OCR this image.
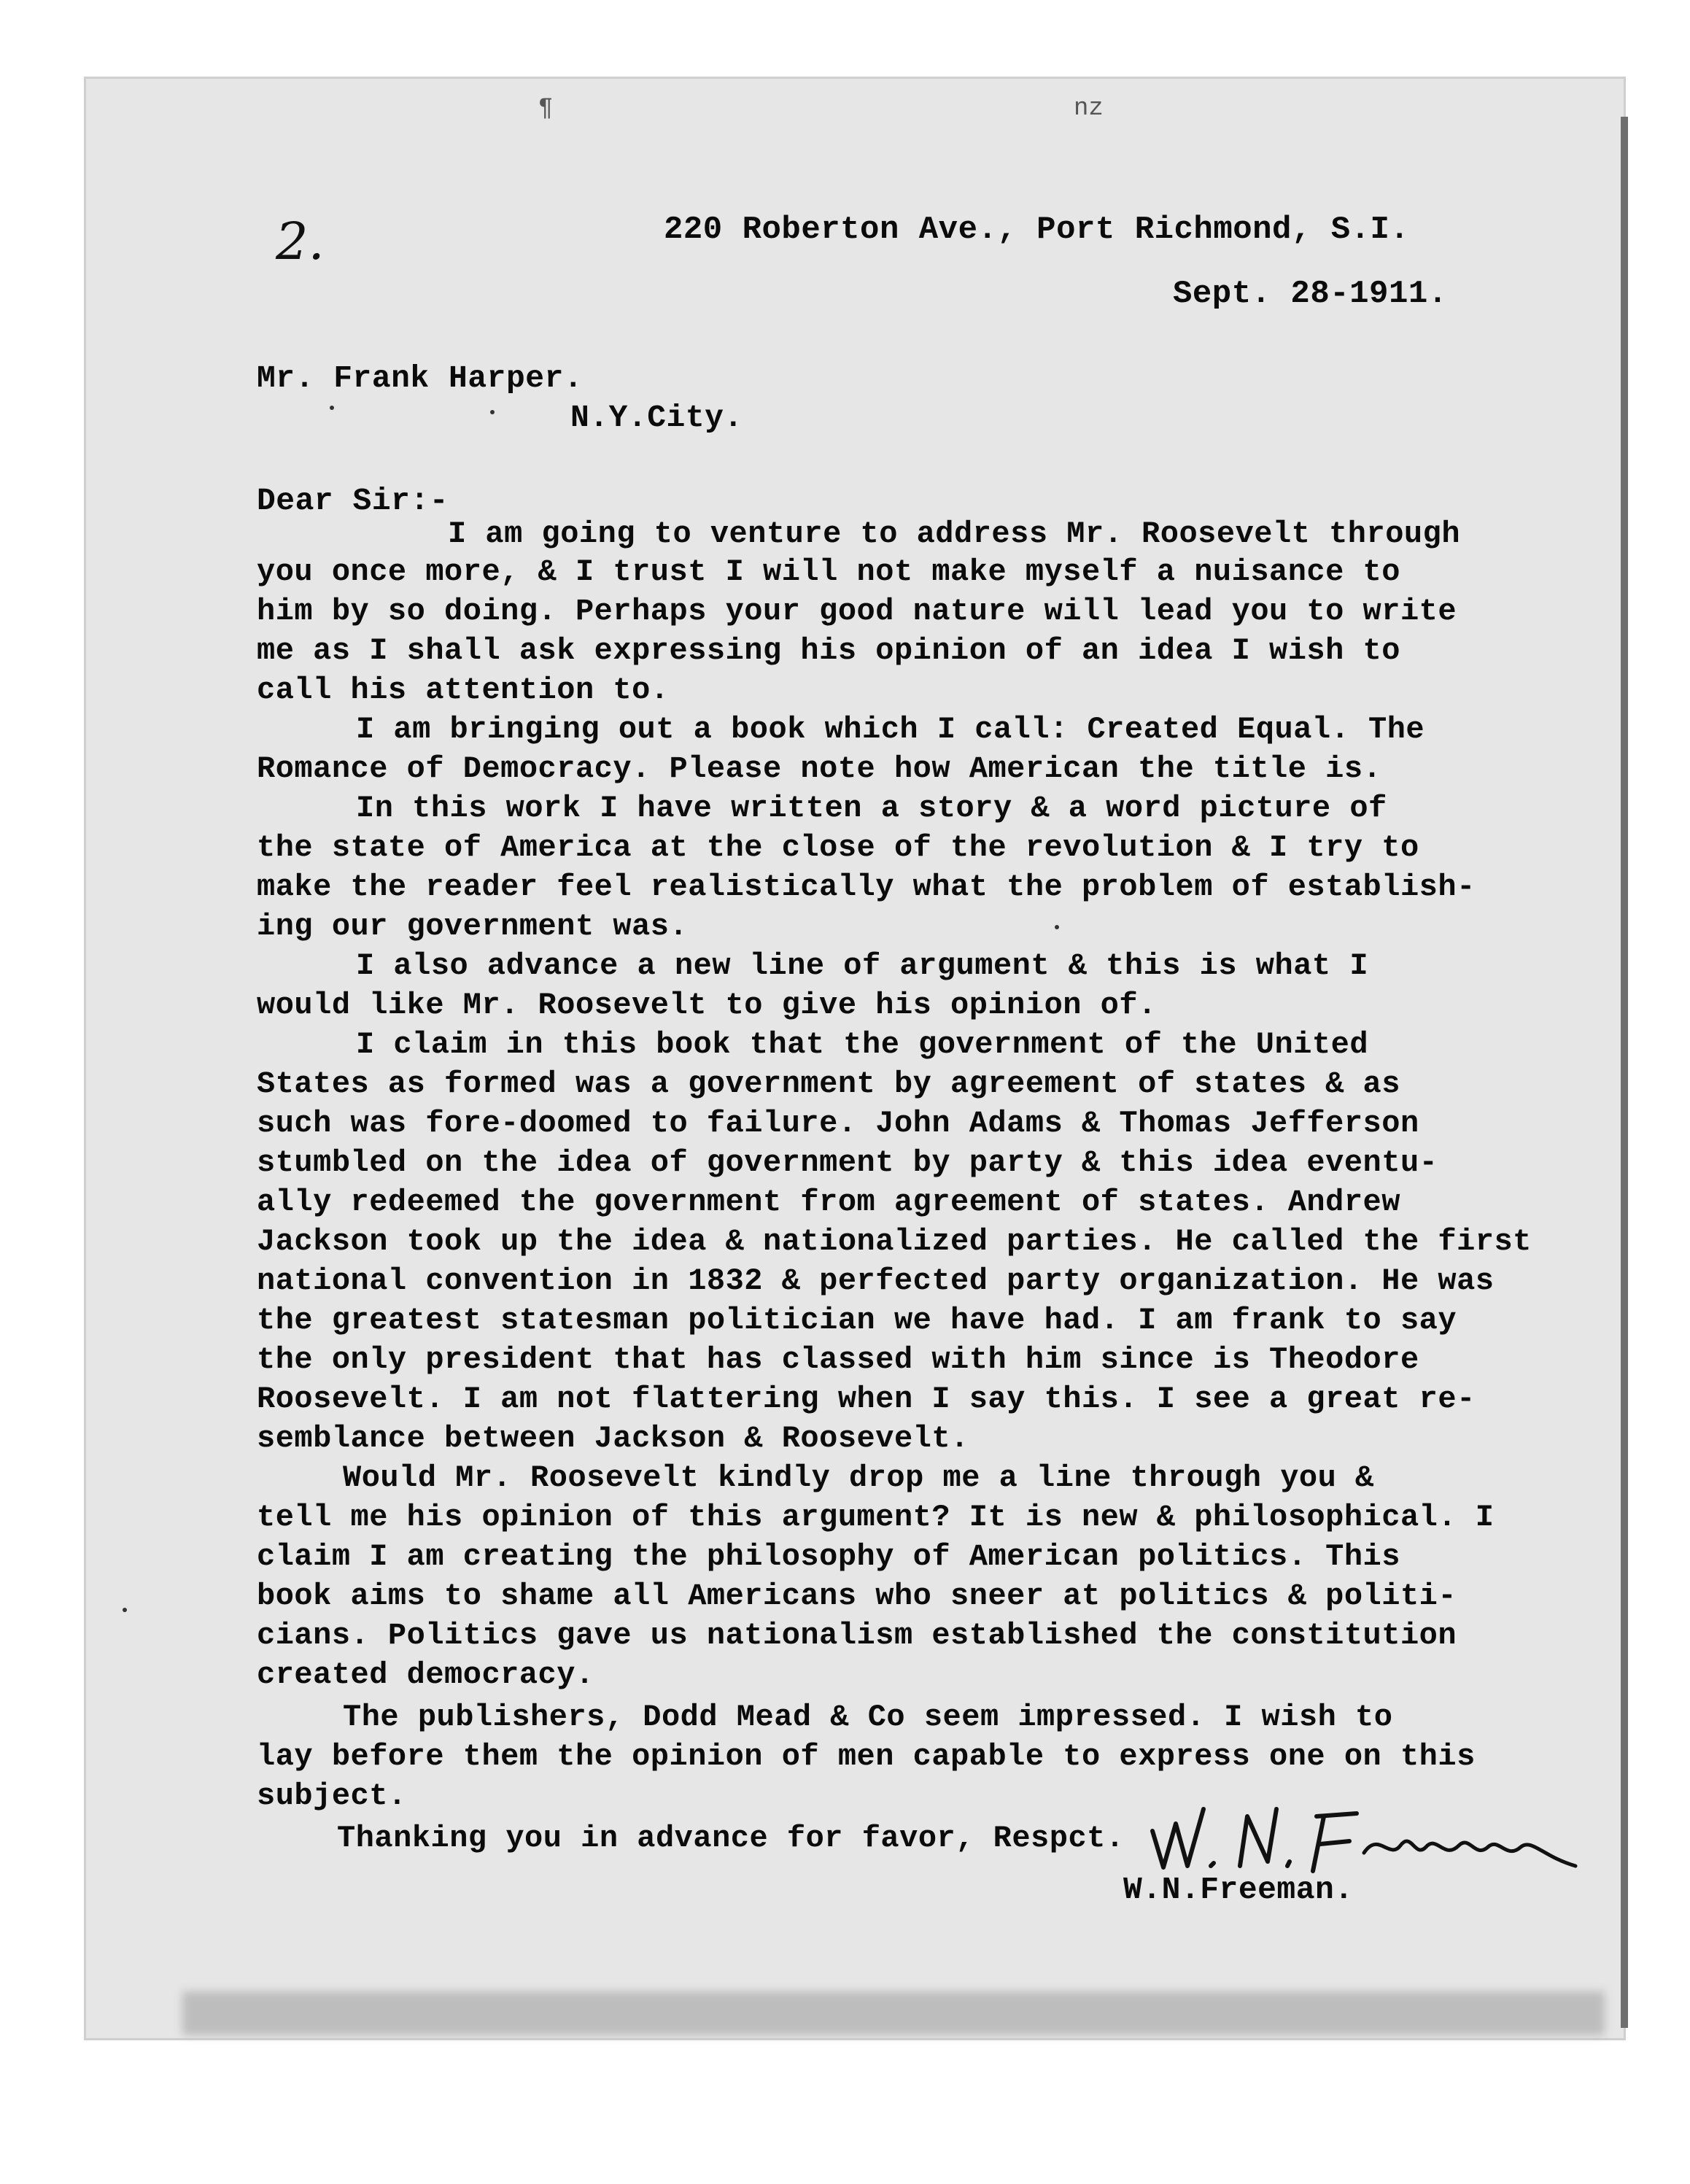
¶	nz
2.	220 Roberton Ave., Port Richmond, S.I.
Sept. 28-1911.
Mr. Frank Harper.
N.Y.City.
Dear Sir:-
I am going to venture to address Mr. Roosevelt through
you once more, & I trust I will not make myself a nuisance to
him by so doing. Perhaps your good nature will lead you to write
me as I shall ask expressing his opinion of an idea I wish to
call his attention to.
I am bringing out a book which I call: Created Equal. The
Romance of Democracy. Please note how American the title is.
In this work I have written a story & a word picture of
the state of America at the close of the revolution & I try to
make the reader feel realistically what the problem of establish-
ing our government was.
I also advance a new line of argument & this is what I
would like Mr. Roosevelt to give his opinion of.
I claim in this book that the government of the United
States as formed was a government by agreement of states & as
such was fore-doomed to failure. John Adams & Thomas Jefferson
stumbled on the idea of government by party & this idea eventu-
ally redeemed the government from agreement of states. Andrew
Jackson took up the idea & nationalized parties. He called the first
national convention in 1832 & perfected party organization. He was
the greatest statesman politician we have had. I am frank to say
the only president that has classed with him since is Theodore
Roosevelt. I am not flattering when I say this. I see a great re-
semblance between Jackson & Roosevelt.
Would Mr. Roosevelt kindly drop me a line through you &
tell me his opinion of this argument? It is new & philosophical. I
claim I am creating the philosophy of American politics. This
book aims to shame all Americans who sneer at politics & politi-
cians. Politics gave us nationalism established the constitution
created democracy.
The publishers, Dodd Mead & Co seem impressed. I wish to
lay before them the opinion of men capable to express one on this
subject.
Thanking you in advance for favor, Respct.
W.N.Freeman.
